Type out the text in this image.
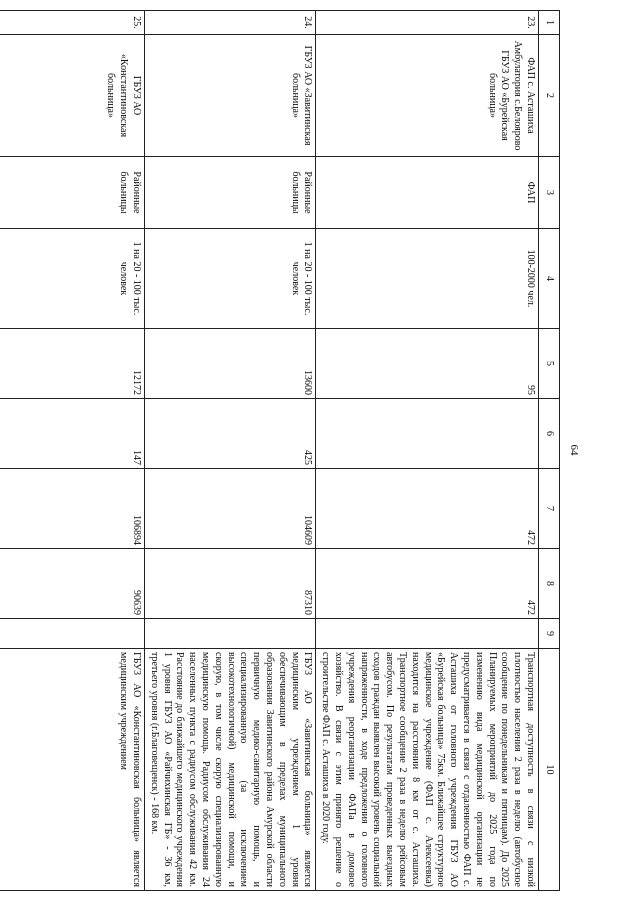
64
1	2	3	4	5	6	7	8	9	10
23.	ФАП с. Асташиха Амбулатория с.Белоярово ГБУЗ АО «Бурейская больница»	ФАП	100-2000 чел.	95		472	472		Транспортная доступность в связи с низкой плотностью населения 2 раза в неделю (автобусное сообщение по понедельникам и пятницам). До 2025 Планируемых мероприятий до 2025 года по изменению вида медицинской организации не предусматривается в связи с отдаленностью ФАП с. Асташиха от головного учреждения ГБУЗ АО «Бурейская больница» 75км. Ближайшее структурное медицинское учреждение (ФАП с. Алексеевка) находится на расстоянии 8 км от с. Асташиха. Транспортное сообщение 2 раза в неделю рейсовым автобусом. По результатам проведенных выездных сходов граждан выявлен высокий уровень социальной напряженности, в ходе предложения о головного учреждения реорганизации ФАПа в домовое хозяйство. В связи с этим принято решение о строительстве ФАП с. Асташиха в 2020 году.
24.	ГБУЗ АО «Завитинская больница»	Районные больницы	1 на 20 - 100 тыс. человек	13600	425	104609	87310		ГБУЗ АО «Завитинская больница» является медицинским учреждением 1 уровня обеспечивающим в пределах муниципального образования Завитинского района Амурской области первичную медико-санитарную помощь, и специализированную (за исключением высокотехнологичной) медицинской помощи, и скорую, в том числе скорую специализированную медицинскую помощь. Радиусом обслуживания 24 населенных пункта с радиусом обслуживания 42 км. Расстояние до ближайшего медицинского учреждения 1 уровня ГБУЗ АО «Райчихинская ГБ» - 36 км, третьего уровня (г.Благовещенск) - 168 км.
25.	ГБУЗ АО «Константиновская больница»	Районные больницы	1 на 20 - 100 тыс. человек	12172	147	106894	90639		ГБУЗ АО «Константиновская больница» является медицинским учреждением
